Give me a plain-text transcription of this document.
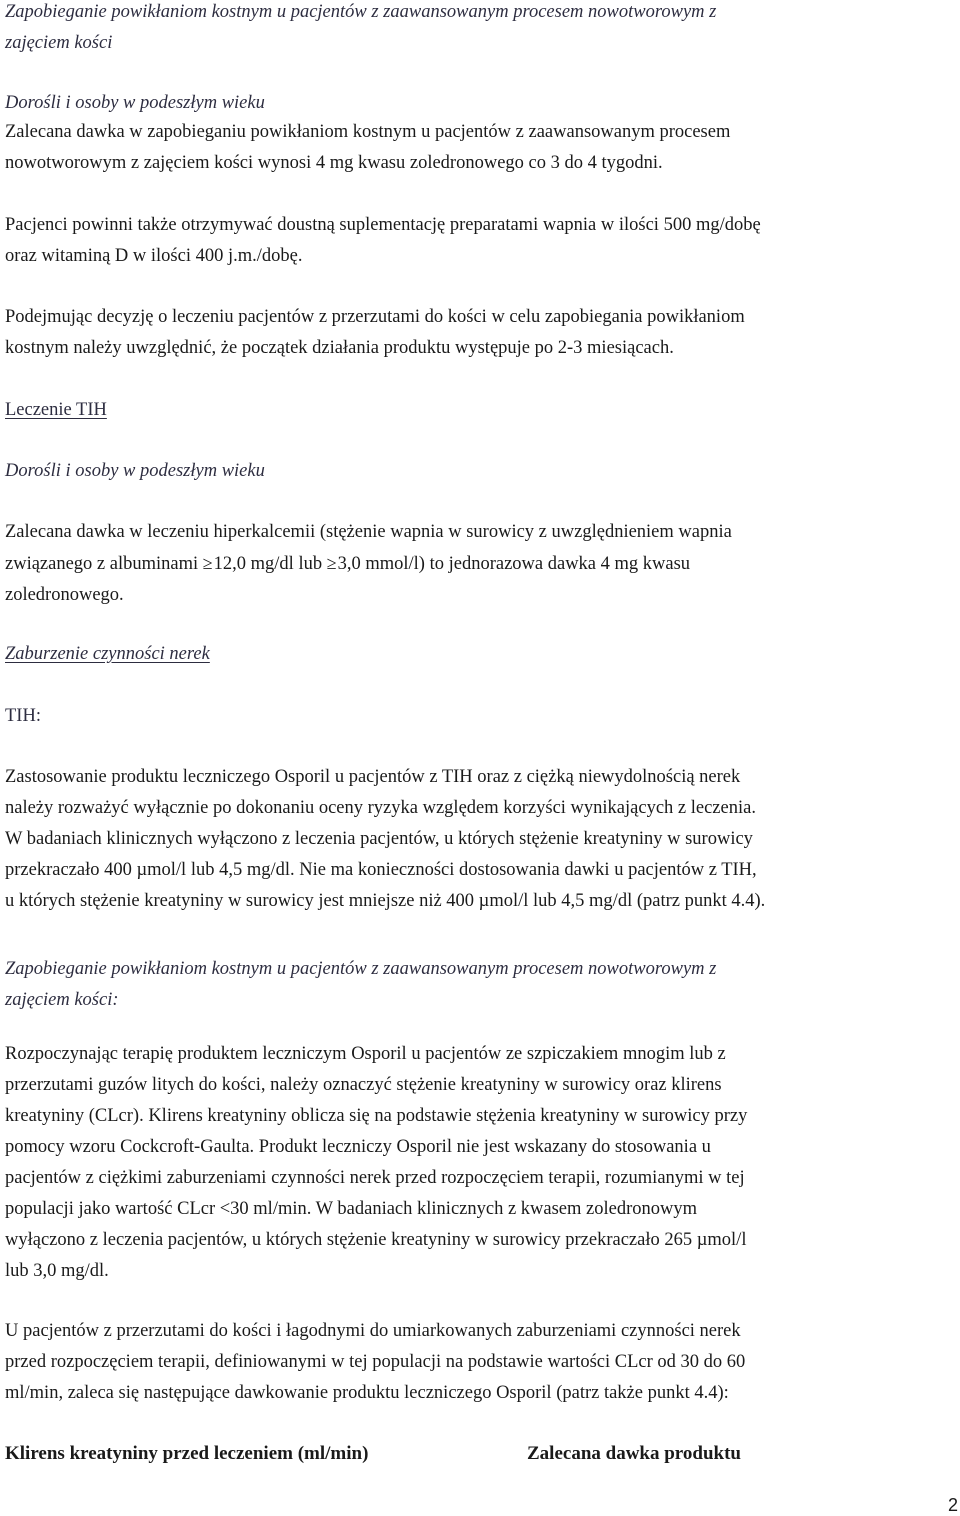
Zapobieganie powikłaniom kostnym u pacjentów z zaawansowanym procesem nowotworowym z
zajęciem kości

Dorośli i osoby w podeszłym wieku

Zalecana dawka w zapobieganiu powikłaniom kostnym u pacjentów z zaawansowanym procesem
nowotworowym z zajęciem kości wynosi 4 mg kwasu zoledronowego co 3 do 4 tygodni.

Pacjenci powinni także otrzymywać doustną suplementację preparatami wapnia w ilości 500 mg/dobę
oraz witaminą D w ilości 400 j.m./dobę.

Podejmując decyzję o leczeniu pacjentów z przerzutami do kości w celu zapobiegania powikłaniom
kostnym należy uwzględnić, że początek działania produktu występuje po 2-3 miesiącach.

Leczenie TIH

Dorośli i osoby w podeszłym wieku

Zalecana dawka w leczeniu hiperkalcemii (stężenie wapnia w surowicy z uwzględnieniem wapnia
związanego z albuminami ≥12,0 mg/dl lub ≥3,0 mmol/l) to jednorazowa dawka 4 mg kwasu
zoledronowego.

Zaburzenie czynności nerek

TIH:

Zastosowanie produktu leczniczego Osporil u pacjentów z TIH oraz z ciężką niewydolnością nerek
należy rozważyć wyłącznie po dokonaniu oceny ryzyka względem korzyści wynikających z leczenia.
W badaniach klinicznych wyłączono z leczenia pacjentów, u których stężenie kreatyniny w surowicy
przekraczało 400 µmol/l lub 4,5 mg/dl. Nie ma konieczności dostosowania dawki u pacjentów z TIH,
u których stężenie kreatyniny w surowicy jest mniejsze niż 400 µmol/l lub 4,5 mg/dl (patrz punkt 4.4).

Zapobieganie powikłaniom kostnym u pacjentów z zaawansowanym procesem nowotworowym z
zajęciem kości:

Rozpoczynając terapię produktem leczniczym Osporil u pacjentów ze szpiczakiem mnogim lub z
przerzutami guzów litych do kości, należy oznaczyć stężenie kreatyniny w surowicy oraz klirens
kreatyniny (CLcr). Klirens kreatyniny oblicza się na podstawie stężenia kreatyniny w surowicy przy
pomocy wzoru Cockcroft-Gaulta. Produkt leczniczy Osporil nie jest wskazany do stosowania u
pacjentów z ciężkimi zaburzeniami czynności nerek przed rozpoczęciem terapii, rozumianymi w tej
populacji jako wartość CLcr <30 ml/min. W badaniach klinicznych z kwasem zoledronowym
wyłączono z leczenia pacjentów, u których stężenie kreatyniny w surowicy przekraczało 265 µmol/l
lub 3,0 mg/dl.

U pacjentów z przerzutami do kości i łagodnymi do umiarkowanych zaburzeniami czynności nerek
przed rozpoczęciem terapii, definiowanymi w tej populacji na podstawie wartości CLcr od 30 do 60
ml/min, zaleca się następujące dawkowanie produktu leczniczego Osporil (patrz także punkt 4.4):

Klirens kreatyniny przed leczeniem (ml/min)	Zalecana dawka produktu
2
